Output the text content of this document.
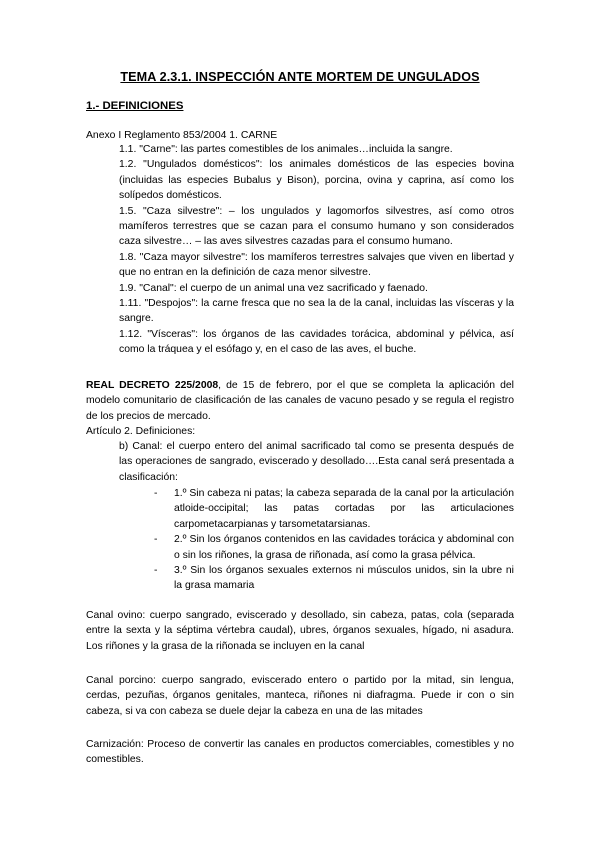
TEMA 2.3.1. INSPECCIÓN ANTE MORTEM DE UNGULADOS
1.- DEFINICIONES
Anexo I Reglamento 853/2004 1. CARNE

1.1. "Carne": las partes comestibles de los animales…incluida la sangre.

1.2. "Ungulados domésticos": los animales domésticos de las especies bovina (incluidas las especies Bubalus y Bison), porcina, ovina y caprina, así como los solípedos domésticos.

1.5. "Caza silvestre": – los ungulados y lagomorfos silvestres, así como otros mamíferos terrestres que se cazan para el consumo humano y son considerados caza silvestre… – las aves silvestres cazadas para el consumo humano.

1.8. "Caza mayor silvestre": los mamíferos terrestres salvajes que viven en libertad y que no entran en la definición de caza menor silvestre.

1.9. "Canal": el cuerpo de un animal una vez sacrificado y faenado.

1.11. "Despojos": la carne fresca que no sea la de la canal, incluidas las vísceras y la sangre.

1.12. "Vísceras": los órganos de las cavidades torácica, abdominal y pélvica, así como la tráquea y el esófago y, en el caso de las aves, el buche.

REAL DECRETO 225/2008, de 15 de febrero, por el que se completa la aplicación del modelo comunitario de clasificación de las canales de vacuno pesado y se regula el registro de los precios de mercado.
Artículo 2. Definiciones:
b) Canal: el cuerpo entero del animal sacrificado tal como se presenta después de las operaciones de sangrado, eviscerado y desollado….Esta canal será presentada a clasificación:
- 1.º Sin cabeza ni patas; la cabeza separada de la canal por la articulación atloide-occipital; las patas cortadas por las articulaciones carpometacarpianas y tarsometatarsianas.
- 2.º Sin los órganos contenidos en las cavidades torácica y abdominal con o sin los riñones, la grasa de riñonada, así como la grasa pélvica.
- 3.º Sin los órganos sexuales externos ni músculos unidos, sin la ubre ni la grasa mamaria
Canal ovino: cuerpo sangrado, eviscerado y desollado, sin cabeza, patas, cola (separada entre la sexta y la séptima vértebra caudal), ubres, órganos sexuales, hígado, ni asadura. Los riñones y la grasa de la riñonada se incluyen en la canal
Canal porcino: cuerpo sangrado, eviscerado entero o partido por la mitad, sin lengua, cerdas, pezuñas, órganos genitales, manteca, riñones ni diafragma. Puede ir con o sin cabeza, si va con cabeza se duele dejar la cabeza en una de las mitades
Carnización: Proceso de convertir las canales en productos comerciables, comestibles y no comestibles.
